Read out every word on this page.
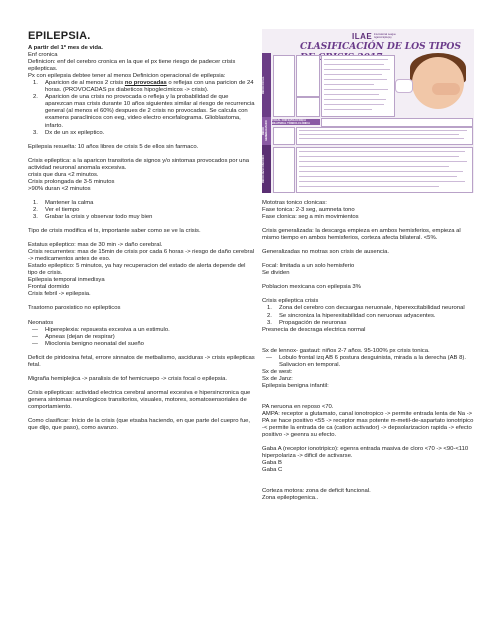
EPILEPSIA.

A partir del 1º mes de vida.

Enf cronica

Definicion: enf del cerebro cronica en la que el px tiene riesgo de padecer crisis epilepticas.

Px con epilepsia debtee tener al menos Definicion operacional de epilepsia:

1. Aparicion de al menos 2 crisis no provocadas o reflejas con una paricion de 24 horas. (PROVOCADAS px diabeticos hipoglecimicos -> crisis).
2. Aparicion de una crisis no provocada o refleja y la probabilidad de que aparezcan mas crisis durante 10 años siguientes similar al riesgo de recurrencia general (al menos el 60%) despues de 2 crisis no provocadas. Se calcula con examens paraclinicos con eeg, video electro encefalograma. Glioblastoma, infarto.
3. Dx de un sx epileptico.

Epilepsia resuelta: 10 años libres de crisis 5 de ellos sin farmaco.

Crisis epileptica: a la aparicon transitoria de signos y/o sintomas provocados por una actividad neuronal anomala excesiva.

crisis que dura <2 minutos.

Crisis prolongada de 3-5 minutos

>90% duran <2 minutos

1. Mantener la calma
2. Ver el tiempo
3. Grabar la crisis y observar todo muy bien

Tipo de crisis modifica el tx, importante saber como se ve la crisis.

Estatus epileptico: mas de 30 min -> daño cerebral.

Crisis recurrentes: mas de 15min de crisis por cada 6 horas -> riesgo de daño cerebral -> medicamentos antes de eso.

Estado epileptico: 5 minutos, ya hay recuperacion del estado de alerta depende del tipo de crisis.

Epilepsia temporal inmedisya

Frontal dormido

Crisis febril -> epilepsia.

Trastorno paroxistico no epilepticos

Neonatos

— Hipereplexia: repsuesta excesiva a un estimulo.
— Apneas (dejan de respirar)
— Mioclonia benigno neonatal del sueño

Deficit de piridoxina fetal, errore sinnatos de metbalismo, asciduras -> crisis epilepticas fetal.

Migraña hemiplejica -> paralisis de tof hemicruepo -> crisis focal o epilepsia.

Crisis epilepticas: actividad electrica cerebral anormal excesiva e hipersincronica que genera sintomas neurologicos transitorios, visuales, motores, somatosensoriales de comportamiento.

Como clasificar: Inicio de la crisis (que etsaba haciendo, en que parte del cuepro fue, que dijo, que paso), como avanzo.

ILAE International League Against Epilepsy
CLASIFICACIÓN DE LOS TIPOS
INICIO FOCAL
INICIO GENERALIZADO
INICIO DESCONOCIDO
FOCAL CON EVOLUCIÓN A BILATERAL TÓNICO-CLÓNICA

Mototras tonico clonicas:

Fase tonica: 2-3 seg, aumneta tono

Fase clonica: seg a min movimientos

Crisis generalizada: la descarga empieza en ambos hemisferios, empieza al mismo tiempo en ambos hemisferios, corteza afecta bilateral. <5%.

Generalizadas no motras son crisis de ausencia.

Focal: limitada a un solo hemisferio

Se dividen

Poblacion mexicana con epilepsia 3%

Crisis epileptica crisis

1. Zona del cerebro con decsargas neruonale, hiperexcitabilidad neuronal
2. Se sincroniza la hiperexitabilidad con neruonas adyacentes.
3. Propagación de neuronas

Presnecia de descraga electrica normal

Sx de lennox- gastaut: niños 2-7 años. 95-100% px crisis tonica.

— Lobulo frontal izq AB 6 postura desguinista, mirada a la derecha (AB 8). Salivacion en temporal.

Sx de west:

Sx de Janz:

Epilepsia benigna infantil:

PA neruona en reposo <70.

AMPA: receptor a glutamato, canal ionotropico -> permite entrada lenta de Na -> PA se hace positivo <55 -> receptor mas potente m-metil-de-aspartato ionotripico -< permite la entrada de ca (cation activador) -> depsolarizacion rapida -> efecto positivo -> geenra su efecto.

Gaba A (receptor ionotripico): egenra entrada masiva de cloro <70 -> <90-<110 hiperpolariza -> dificil de activarse.

Gaba B

Gaba C

Corteza motora: zona de deficit funcional.

Zona epileptogenica..
